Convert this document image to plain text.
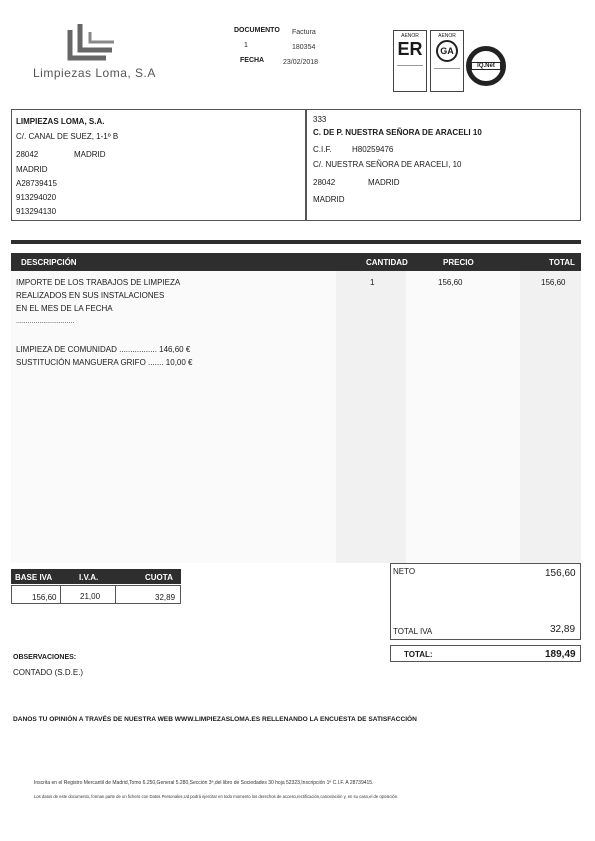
Limpiezas Loma, S.A
DOCUMENTO Factura
1	180354
FECHA	23/02/2018
AENOR
ER
AENOR
GA
IQ.Net
LIMPIEZAS LOMA, S.A.
C/. CANAL DE SUEZ, 1-1º B
28042	MADRID
MADRID
A28739415
913294020
913294130
333
C. DE P. NUESTRA SEÑORA DE ARACELI 10
C.I.F.	H80259476
C/. NUESTRA SEÑORA DE ARACELI, 10
28042	MADRID
MADRID
DESCRIPCIÓN	CANTIDAD	PRECIO	TOTAL
IMPORTE DE LOS TRABAJOS DE LIMPIEZA
REALIZADOS EN SUS INSTALACIONES
EN EL MES DE LA FECHA
..............................
1	156,60	156,60
LIMPIEZA DE COMUNIDAD ................. 146,60 €
SUSTITUCIÓN MANGUERA GRIFO ....... 10,00 €
BASE IVA	I.V.A.	CUOTA
156,60	21,00	32,89
NETO	156,60
TOTAL IVA	32,89
TOTAL:	189,49
OBSERVACIONES:
CONTADO (S.D.E.)
DANOS TU OPINIÓN A TRAVÉS DE NUESTRA WEB WWW.LIMPIEZASLOMA.ES RELLENANDO LA ENCUESTA DE SATISFACCIÓN
Inscrita en el Registro Mercantil de Madrid,Tomo 6.250,General 5.280,Sección 3ª,del libro de Sociedades 30 hoja 52323,Inscripción 1ª C.I.F. A 28739415.
Los datos de este documento, forman parte de un fichero con Datos Personales,Ud podrá ejercitar en todo momento los derechos de acceso,rectificación,cancelación y, en su caso,el de oposición.
